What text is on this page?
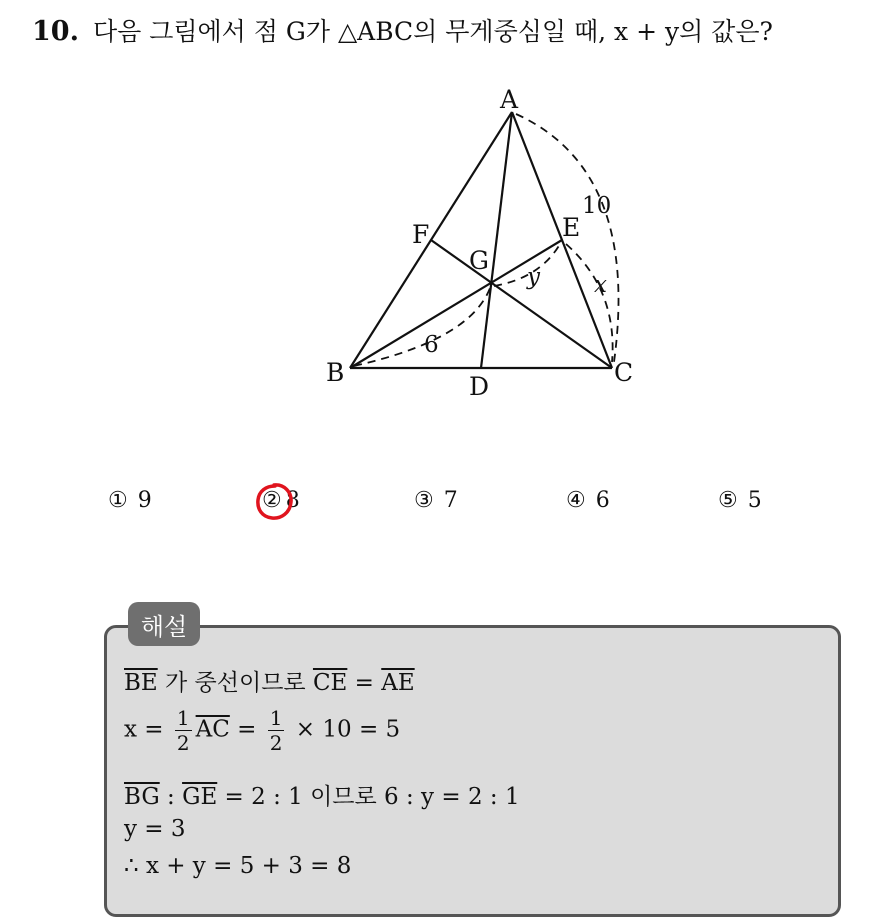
10. 다음 그림에서 점 G가 △ABC의 무게중심일 때, x + y의 값은?
A
B	C
D
E
F
G
10
6
x
y
① 9	② 8	③ 7	④ 6	⑤ 5
해설
$\overline{BE}$ 가 중선이므로 $\overline{CE} = \overline{AE}$
$x = \frac{1}{2} \overline{AC} = \frac{1}{2} \times 10 = 5$
$\overline{BG}$ : $\overline{GE} = 2$ : 1 이므로 6 : y = 2 : 1
y = 3
∴ x + y = 5 + 3 = 8
